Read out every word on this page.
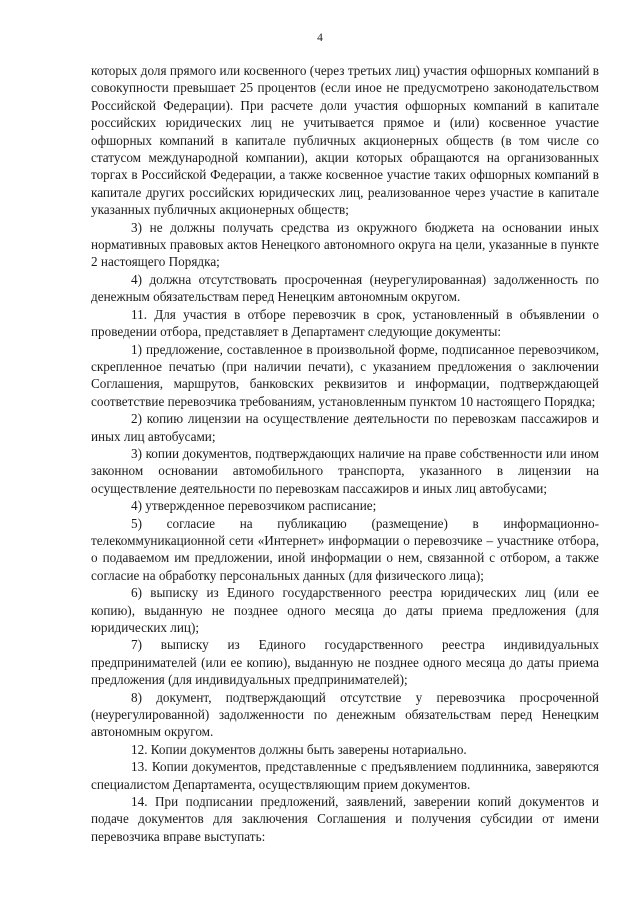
4

которых доля прямого или косвенного (через третьих лиц) участия офшорных компаний в совокупности превышает 25 процентов (если иное не предусмотрено законодательством Российской Федерации). При расчете доли участия офшорных компаний в капитале российских юридических лиц не учитывается прямое и (или) косвенное участие офшорных компаний в капитале публичных акционерных обществ (в том числе со статусом международной компании), акции которых обращаются на организованных торгах в Российской Федерации, а также косвенное участие таких офшорных компаний в капитале других российских юридических лиц, реализованное через участие в капитале указанных публичных акционерных обществ;

3) не должны получать средства из окружного бюджета на основании иных нормативных правовых актов Ненецкого автономного округа на цели, указанные в пункте 2 настоящего Порядка;

4) должна отсутствовать просроченная (неурегулированная) задолженность по денежным обязательствам перед Ненецким автономным округом.

11. Для участия в отборе перевозчик в срок, установленный в объявлении о проведении отбора, представляет в Департамент следующие документы:

1) предложение, составленное в произвольной форме, подписанное перевозчиком, скрепленное печатью (при наличии печати), с указанием предложения о заключении Соглашения, маршрутов, банковских реквизитов и информации, подтверждающей соответствие перевозчика требованиям, установленным пунктом 10 настоящего Порядка;

2) копию лицензии на осуществление деятельности по перевозкам пассажиров и иных лиц автобусами;

3) копии документов, подтверждающих наличие на праве собственности или ином законном основании автомобильного транспорта, указанного в лицензии на осуществление деятельности по перевозкам пассажиров и иных лиц автобусами;

4) утвержденное перевозчиком расписание;

5) согласие на публикацию (размещение) в информационно-телекоммуникационной сети «Интернет» информации о перевозчике – участнике отбора, о подаваемом им предложении, иной информации о нем, связанной с отбором, а также согласие на обработку персональных данных (для физического лица);

6) выписку из Единого государственного реестра юридических лиц (или ее копию), выданную не позднее одного месяца до даты приема предложения (для юридических лиц);

7) выписку из Единого государственного реестра индивидуальных предпринимателей (или ее копию), выданную не позднее одного месяца до даты приема предложения (для индивидуальных предпринимателей);

8) документ, подтверждающий отсутствие у перевозчика просроченной (неурегулированной) задолженности по денежным обязательствам перед Ненецким автономным округом.

12. Копии документов должны быть заверены нотариально.

13. Копии документов, представленные с предъявлением подлинника, заверяются специалистом Департамента, осуществляющим прием документов.

14. При подписании предложений, заявлений, заверении копий документов и подаче документов для заключения Соглашения и получения субсидии от имени перевозчика вправе выступать:
